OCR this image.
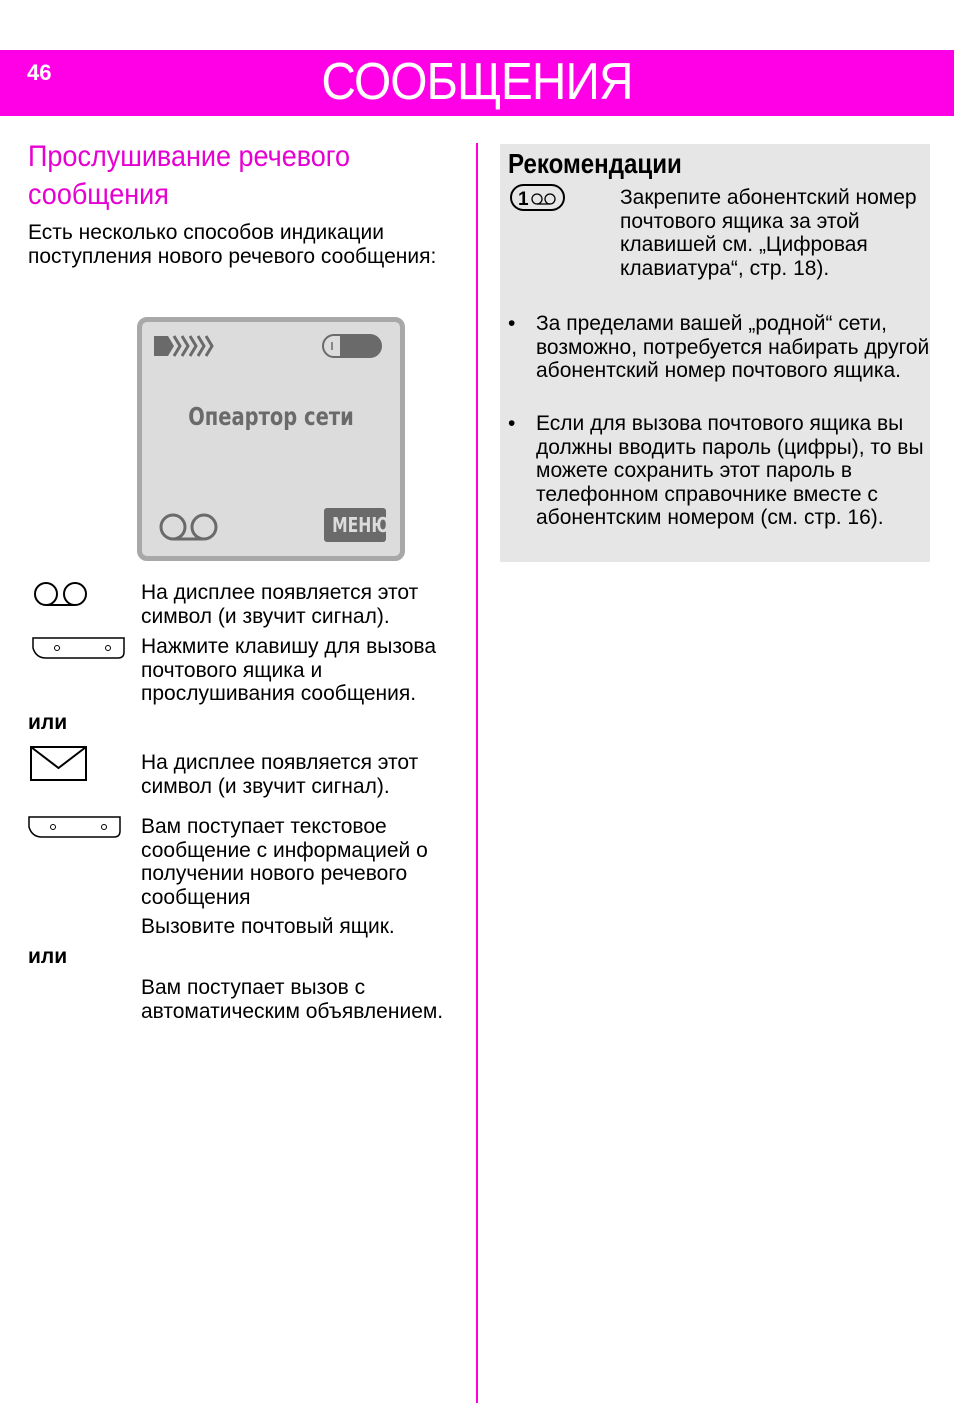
46	СООБЩЕНИЯ
Прослушивание речевого сообщения
Есть несколько способов индикации поступления нового речевого сообщения:
Опеартор сети
МЕНЮ
На дисплее появляется этот символ (и звучит сигнал).
Нажмите клавишу для вызова почтового ящика и прослушивания сообщения.
или
На дисплее появляется этот символ (и звучит сигнал).
Вам поступает текстовое сообщение с информацией о получении нового речевого сообщения
Вызовите почтовый ящик.
или
Вам поступает вызов с автоматическим объявлением.
Рекомендации
1	Закрепите абонентский номер почтового ящика за этой клавишей см. „Цифровая клавиатура“, стр. 18).
• За пределами вашей „родной“ сети, возможно, потребуется набирать другой абонентский номер почтового ящика.
• Если для вызова почтового ящика вы должны вводить пароль (цифры), то вы можете сохранить этот пароль в телефонном справочнике вместе с абонентским номером (см. стр. 16).
